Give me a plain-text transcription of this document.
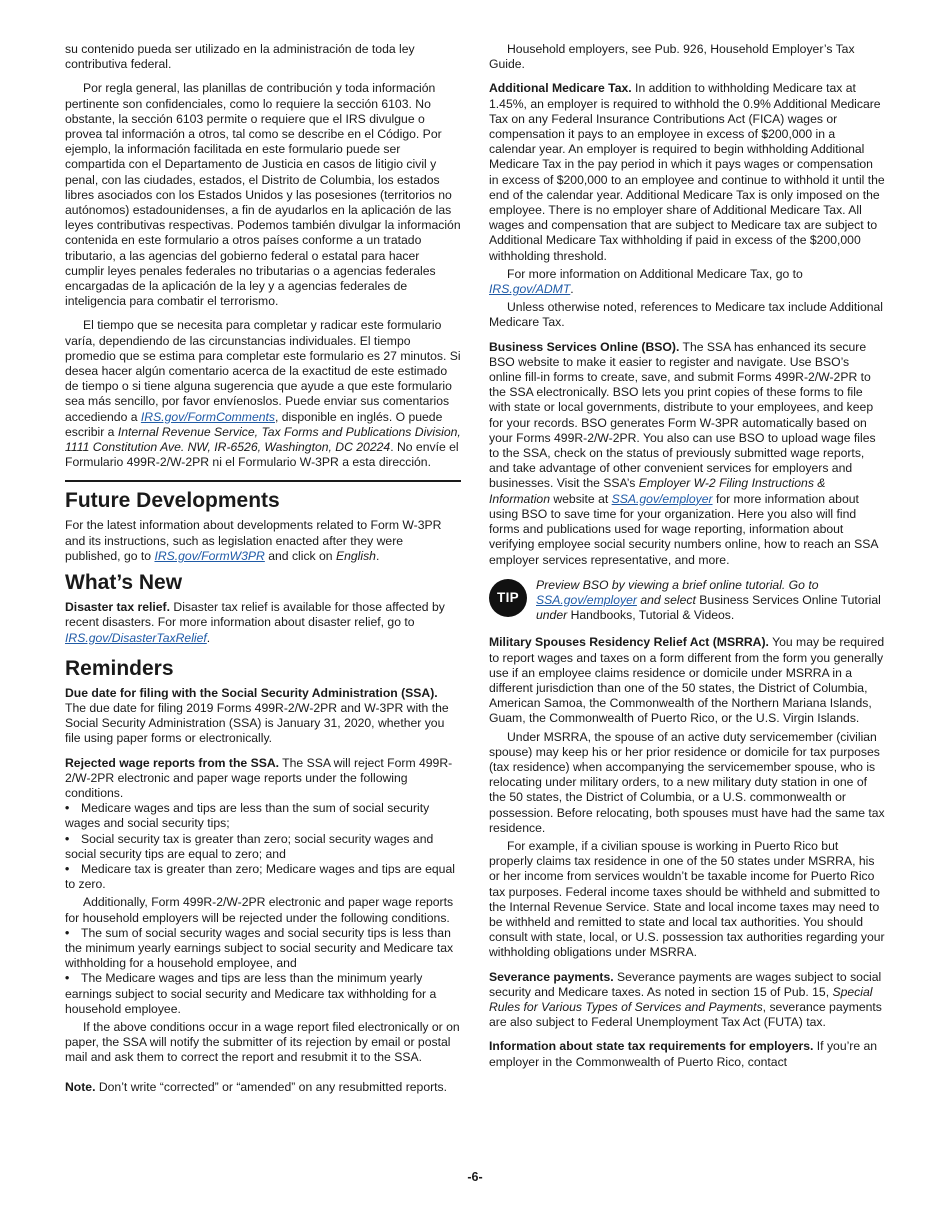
su contenido pueda ser utilizado en la administración de toda ley contributiva federal.

Por regla general, las planillas de contribución y toda información pertinente son confidenciales, como lo requiere la sección 6103. No obstante, la sección 6103 permite o requiere que el IRS divulgue o provea tal información a otros, tal como se describe en el Código. Por ejemplo, la información facilitada en este formulario puede ser compartida con el Departamento de Justicia en casos de litigio civil y penal, con las ciudades, estados, el Distrito de Columbia, los estados libres asociados con los Estados Unidos y las posesiones (territorios no autónomos) estadounidenses, a fin de ayudarlos en la aplicación de las leyes contributivas respectivas. Podemos también divulgar la información contenida en este formulario a otros países conforme a un tratado tributario, a las agencias del gobierno federal o estatal para hacer cumplir leyes penales federales no tributarias o a agencias federales encargadas de la aplicación de la ley y a agencias federales de inteligencia para combatir el terrorismo.

El tiempo que se necesita para completar y radicar este formulario varía, dependiendo de las circunstancias individuales. El tiempo promedio que se estima para completar este formulario es 27 minutos. Si desea hacer algún comentario acerca de la exactitud de este estimado de tiempo o si tiene alguna sugerencia que ayude a que este formulario sea más sencillo, por favor envíenoslos. Puede enviar sus comentarios accediendo a IRS.gov/FormComments, disponible en inglés. O puede escribir a Internal Revenue Service, Tax Forms and Publications Division, 1111 Constitution Ave. NW, IR-6526, Washington, DC 20224. No envíe el Formulario 499R-2/W-2PR ni el Formulario W-3PR a esta dirección.

Future Developments

For the latest information about developments related to Form W-3PR and its instructions, such as legislation enacted after they were published, go to IRS.gov/FormW3PR and click on English.

What’s New

Disaster tax relief. Disaster tax relief is available for those affected by recent disasters. For more information about disaster relief, go to IRS.gov/DisasterTaxRelief.

Reminders

Due date for filing with the Social Security Administration (SSA). The due date for filing 2019 Forms 499R-2/W-2PR and W-3PR with the Social Security Administration (SSA) is January 31, 2020, whether you file using paper forms or electronically.

Rejected wage reports from the SSA. The SSA will reject Form 499R-2/W-2PR electronic and paper wage reports under the following conditions.

• Medicare wages and tips are less than the sum of social security wages and social security tips;

• Social security tax is greater than zero; social security wages and social security tips are equal to zero; and

• Medicare tax is greater than zero; Medicare wages and tips are equal to zero.

Additionally, Form 499R-2/W-2PR electronic and paper wage reports for household employers will be rejected under the following conditions.

• The sum of social security wages and social security tips is less than the minimum yearly earnings subject to social security and Medicare tax withholding for a household employee, and

• The Medicare wages and tips are less than the minimum yearly earnings subject to social security and Medicare tax withholding for a household employee.

If the above conditions occur in a wage report filed electronically or on paper, the SSA will notify the submitter of its rejection by email or postal mail and ask them to correct the report and resubmit it to the SSA.

Note. Don’t write “corrected” or “amended” on any resubmitted reports.

Household employers, see Pub. 926, Household Employer’s Tax Guide.

Additional Medicare Tax. In addition to withholding Medicare tax at 1.45%, an employer is required to withhold the 0.9% Additional Medicare Tax on any Federal Insurance Contributions Act (FICA) wages or compensation it pays to an employee in excess of $200,000 in a calendar year. An employer is required to begin withholding Additional Medicare Tax in the pay period in which it pays wages or compensation in excess of $200,000 to an employee and continue to withhold it until the end of the calendar year. Additional Medicare Tax is only imposed on the employee. There is no employer share of Additional Medicare Tax. All wages and compensation that are subject to Medicare tax are subject to Additional Medicare Tax withholding if paid in excess of the $200,000 withholding threshold.

For more information on Additional Medicare Tax, go to IRS.gov/ADMT.

Unless otherwise noted, references to Medicare tax include Additional Medicare Tax.

Business Services Online (BSO). The SSA has enhanced its secure BSO website to make it easier to register and navigate. Use BSO’s online fill-in forms to create, save, and submit Forms 499R-2/W-2PR to the SSA electronically. BSO lets you print copies of these forms to file with state or local governments, distribute to your employees, and keep for your records. BSO generates Form W-3PR automatically based on your Forms 499R-2/W-2PR. You also can use BSO to upload wage files to the SSA, check on the status of previously submitted wage reports, and take advantage of other convenient services for employers and businesses. Visit the SSA’s Employer W-2 Filing Instructions & Information website at SSA.gov/employer for more information about using BSO to save time for your organization. Here you also will find forms and publications used for wage reporting, information about verifying employee social security numbers online, how to reach an SSA employer services representative, and more.

TIP
Preview BSO by viewing a brief online tutorial. Go to SSA.gov/employer and select Business Services Online Tutorial under Handbooks, Tutorial & Videos.

Military Spouses Residency Relief Act (MSRRA). You may be required to report wages and taxes on a form different from the form you generally use if an employee claims residence or domicile under MSRRA in a different jurisdiction than one of the 50 states, the District of Columbia, American Samoa, the Commonwealth of the Northern Mariana Islands, Guam, the Commonwealth of Puerto Rico, or the U.S. Virgin Islands.

Under MSRRA, the spouse of an active duty servicemember (civilian spouse) may keep his or her prior residence or domicile for tax purposes (tax residence) when accompanying the servicemember spouse, who is relocating under military orders, to a new military duty station in one of the 50 states, the District of Columbia, or a U.S. commonwealth or possession. Before relocating, both spouses must have had the same tax residence.

For example, if a civilian spouse is working in Puerto Rico but properly claims tax residence in one of the 50 states under MSRRA, his or her income from services wouldn’t be taxable income for Puerto Rico tax purposes. Federal income taxes should be withheld and submitted to the Internal Revenue Service. State and local income taxes may need to be withheld and remitted to state and local tax authorities. You should consult with state, local, or U.S. possession tax authorities regarding your withholding obligations under MSRRA.

Severance payments. Severance payments are wages subject to social security and Medicare taxes. As noted in section 15 of Pub. 15, Special Rules for Various Types of Services and Payments, severance payments are also subject to Federal Unemployment Tax Act (FUTA) tax.

Information about state tax requirements for employers. If you’re an employer in the Commonwealth of Puerto Rico, contact

-6-
